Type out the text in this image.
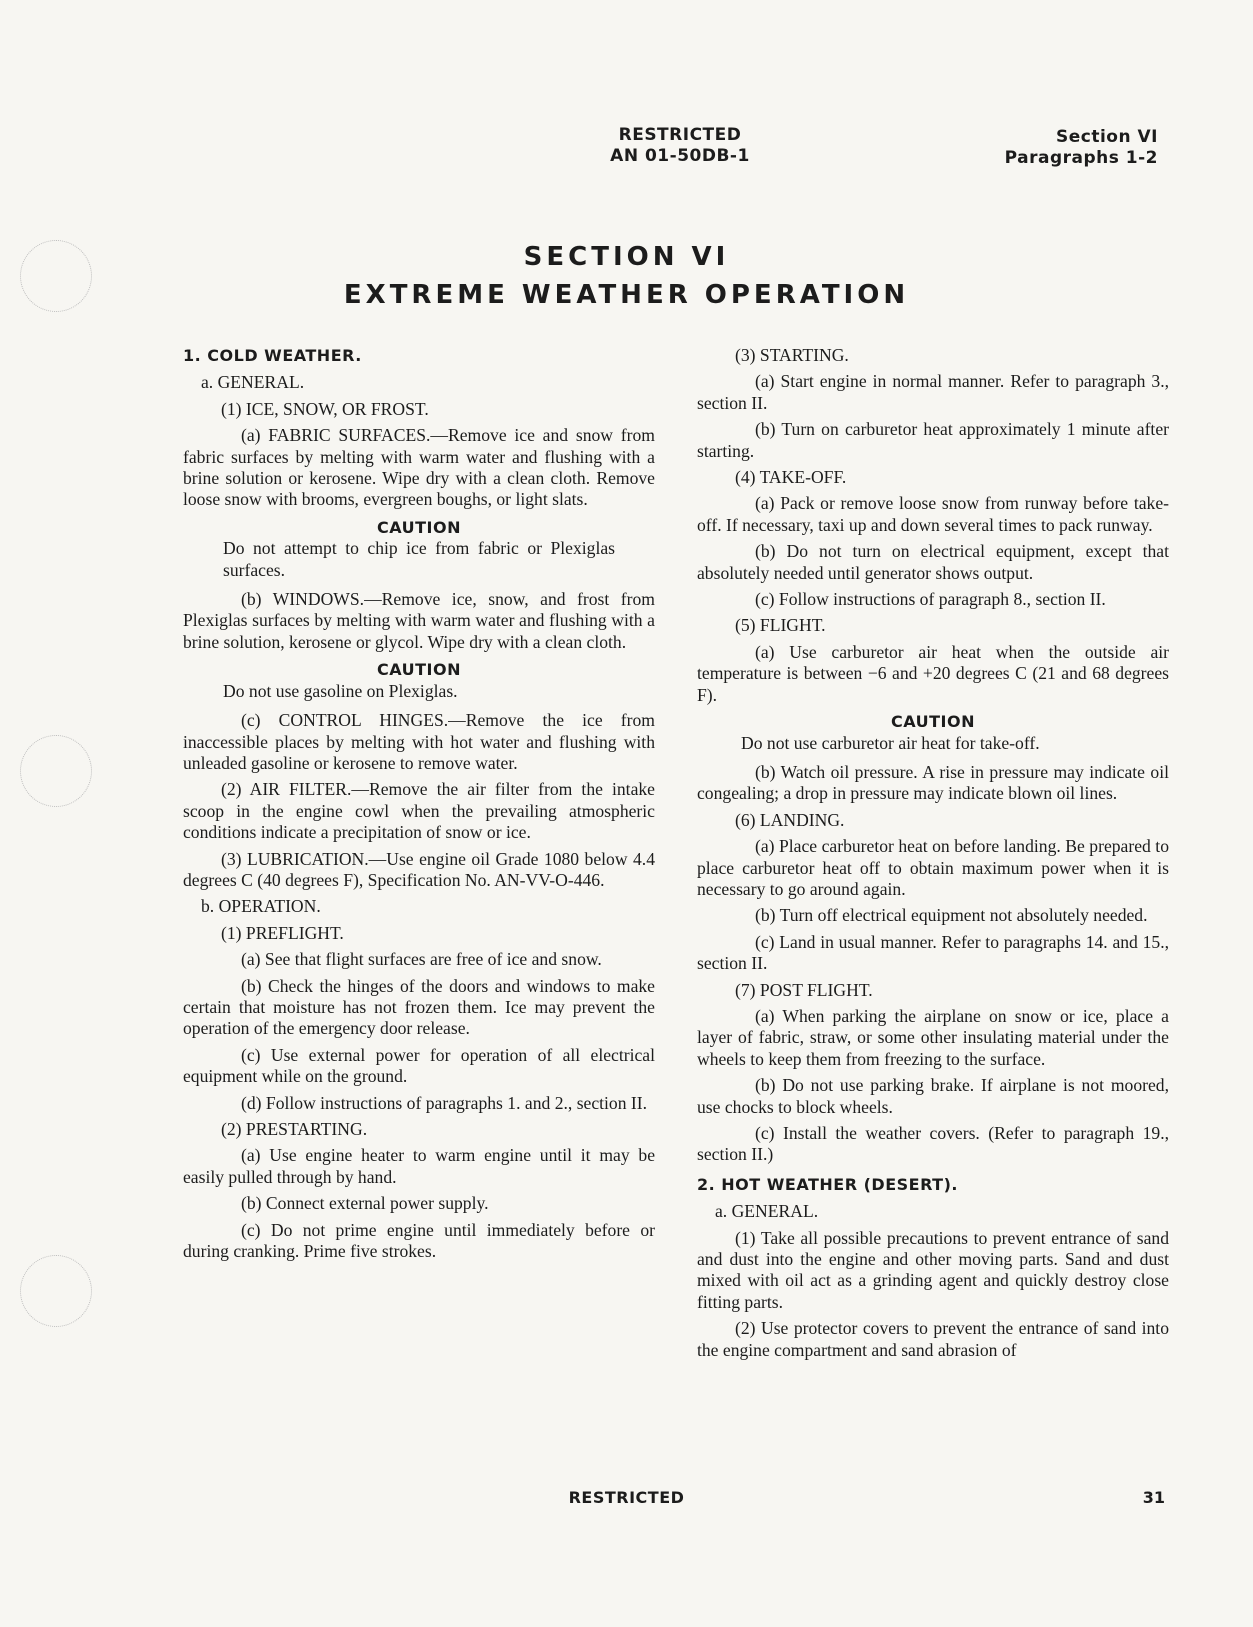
RESTRICTED
AN 01-50DB-1
Section VI
Paragraphs 1-2
SECTION VI
EXTREME WEATHER OPERATION
1. COLD WEATHER.

a. GENERAL.

(1) ICE, SNOW, OR FROST.

(a) FABRIC SURFACES.—Remove ice and snow from fabric surfaces by melting with warm water and flushing with a brine solution or kerosene. Wipe dry with a clean cloth. Remove loose snow with brooms, evergreen boughs, or light slats.

CAUTION

Do not attempt to chip ice from fabric or Plexiglas surfaces.

(b) WINDOWS.—Remove ice, snow, and frost from Plexiglas surfaces by melting with warm water and flushing with a brine solution, kerosene or glycol. Wipe dry with a clean cloth.

CAUTION

Do not use gasoline on Plexiglas.

(c) CONTROL HINGES.—Remove the ice from inaccessible places by melting with hot water and flushing with unleaded gasoline or kerosene to remove water.

(2) AIR FILTER.—Remove the air filter from the intake scoop in the engine cowl when the prevailing atmospheric conditions indicate a precipitation of snow or ice.

(3) LUBRICATION.—Use engine oil Grade 1080 below 4.4 degrees C (40 degrees F), Specification No. AN-VV-O-446.

b. OPERATION.

(1) PREFLIGHT.

(a) See that flight surfaces are free of ice and snow.

(b) Check the hinges of the doors and windows to make certain that moisture has not frozen them. Ice may prevent the operation of the emergency door release.

(c) Use external power for operation of all electrical equipment while on the ground.

(d) Follow instructions of paragraphs 1. and 2., section II.

(2) PRESTARTING.

(a) Use engine heater to warm engine until it may be easily pulled through by hand.

(b) Connect external power supply.

(c) Do not prime engine until immediately before or during cranking. Prime five strokes.

(3) STARTING.

(a) Start engine in normal manner. Refer to paragraph 3., section II.

(b) Turn on carburetor heat approximately 1 minute after starting.

(4) TAKE-OFF.

(a) Pack or remove loose snow from runway before take-off. If necessary, taxi up and down several times to pack runway.

(b) Do not turn on electrical equipment, except that absolutely needed until generator shows output.

(c) Follow instructions of paragraph 8., section II.

(5) FLIGHT.

(a) Use carburetor air heat when the outside air temperature is between −6 and +20 degrees C (21 and 68 degrees F).

CAUTION

Do not use carburetor air heat for take-off.

(b) Watch oil pressure. A rise in pressure may indicate oil congealing; a drop in pressure may indicate blown oil lines.

(6) LANDING.

(a) Place carburetor heat on before landing. Be prepared to place carburetor heat off to obtain maximum power when it is necessary to go around again.

(b) Turn off electrical equipment not absolutely needed.

(c) Land in usual manner. Refer to paragraphs 14. and 15., section II.

(7) POST FLIGHT.

(a) When parking the airplane on snow or ice, place a layer of fabric, straw, or some other insulating material under the wheels to keep them from freezing to the surface.

(b) Do not use parking brake. If airplane is not moored, use chocks to block wheels.

(c) Install the weather covers. (Refer to paragraph 19., section II.)

2. HOT WEATHER (DESERT).

a. GENERAL.

(1) Take all possible precautions to prevent entrance of sand and dust into the engine and other moving parts. Sand and dust mixed with oil act as a grinding agent and quickly destroy close fitting parts.

(2) Use protector covers to prevent the entrance of sand into the engine compartment and sand abrasion of

RESTRICTED	31
